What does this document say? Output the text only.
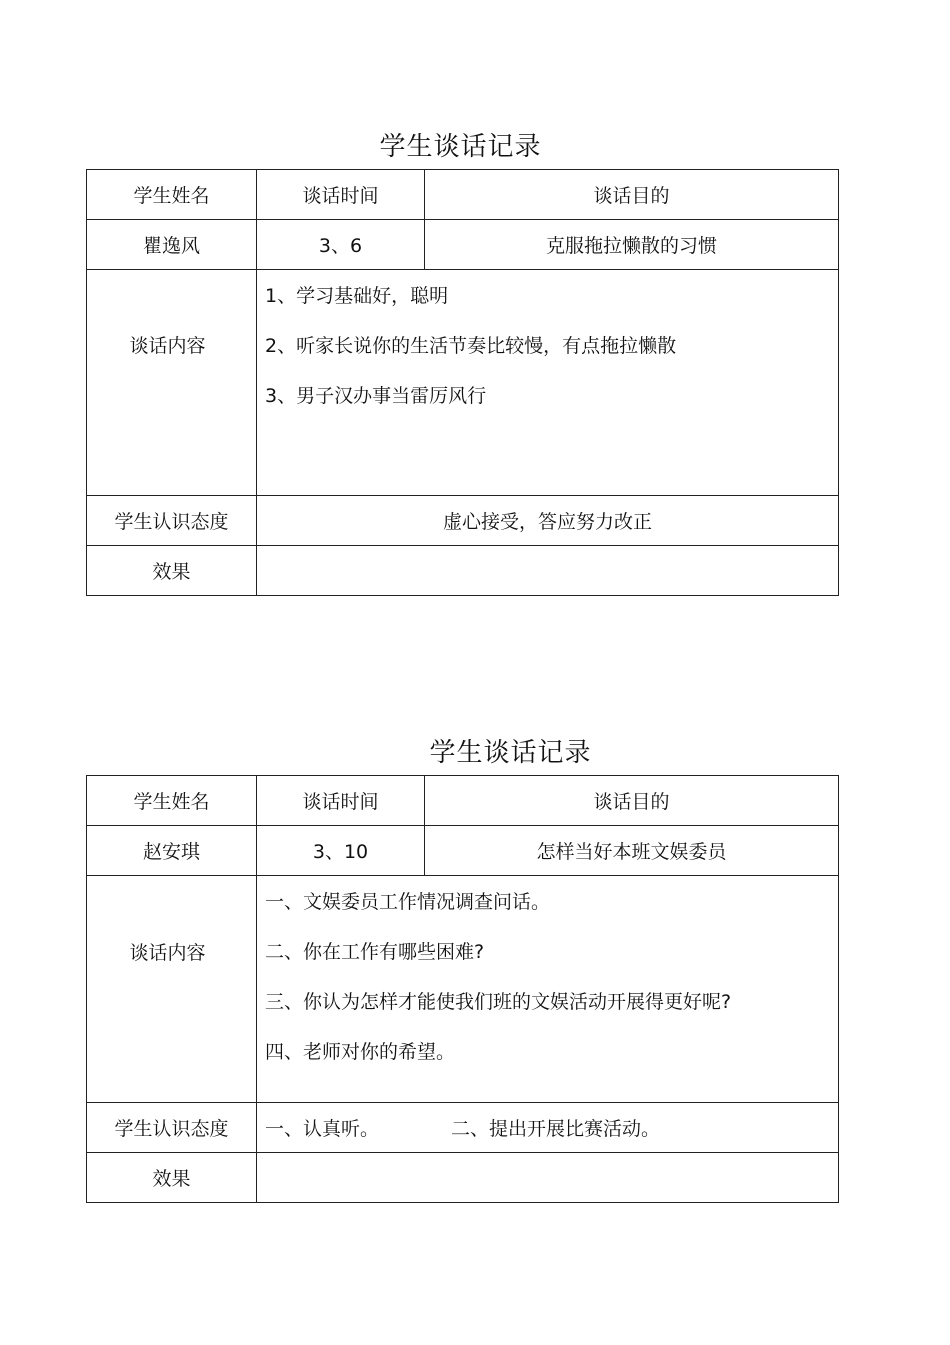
学生谈话记录
学生姓名	谈话时间	谈话目的
瞿逸风	3、6	克服拖拉懒散的习惯
谈话内容	1、学习基础好，聪明
2、听家长说你的生活节奏比较慢，有点拖拉懒散
3、男子汉办事当雷厉风行	

学生认识态度	虚心接受，答应努力改正	
效果		
学生谈话记录
学生姓名	谈话时间	谈话目的
赵安琪	3、10	怎样当好本班文娱委员
谈话内容	一、文娱委员工作情况调查问话。
二、你在工作有哪些困难?
三、你认为怎样才能使我们班的文娱活动开展得更好呢?
四、老师对你的希望。	

学生认识态度	一、认真听。 二、提出开展比赛活动。	
效果		
